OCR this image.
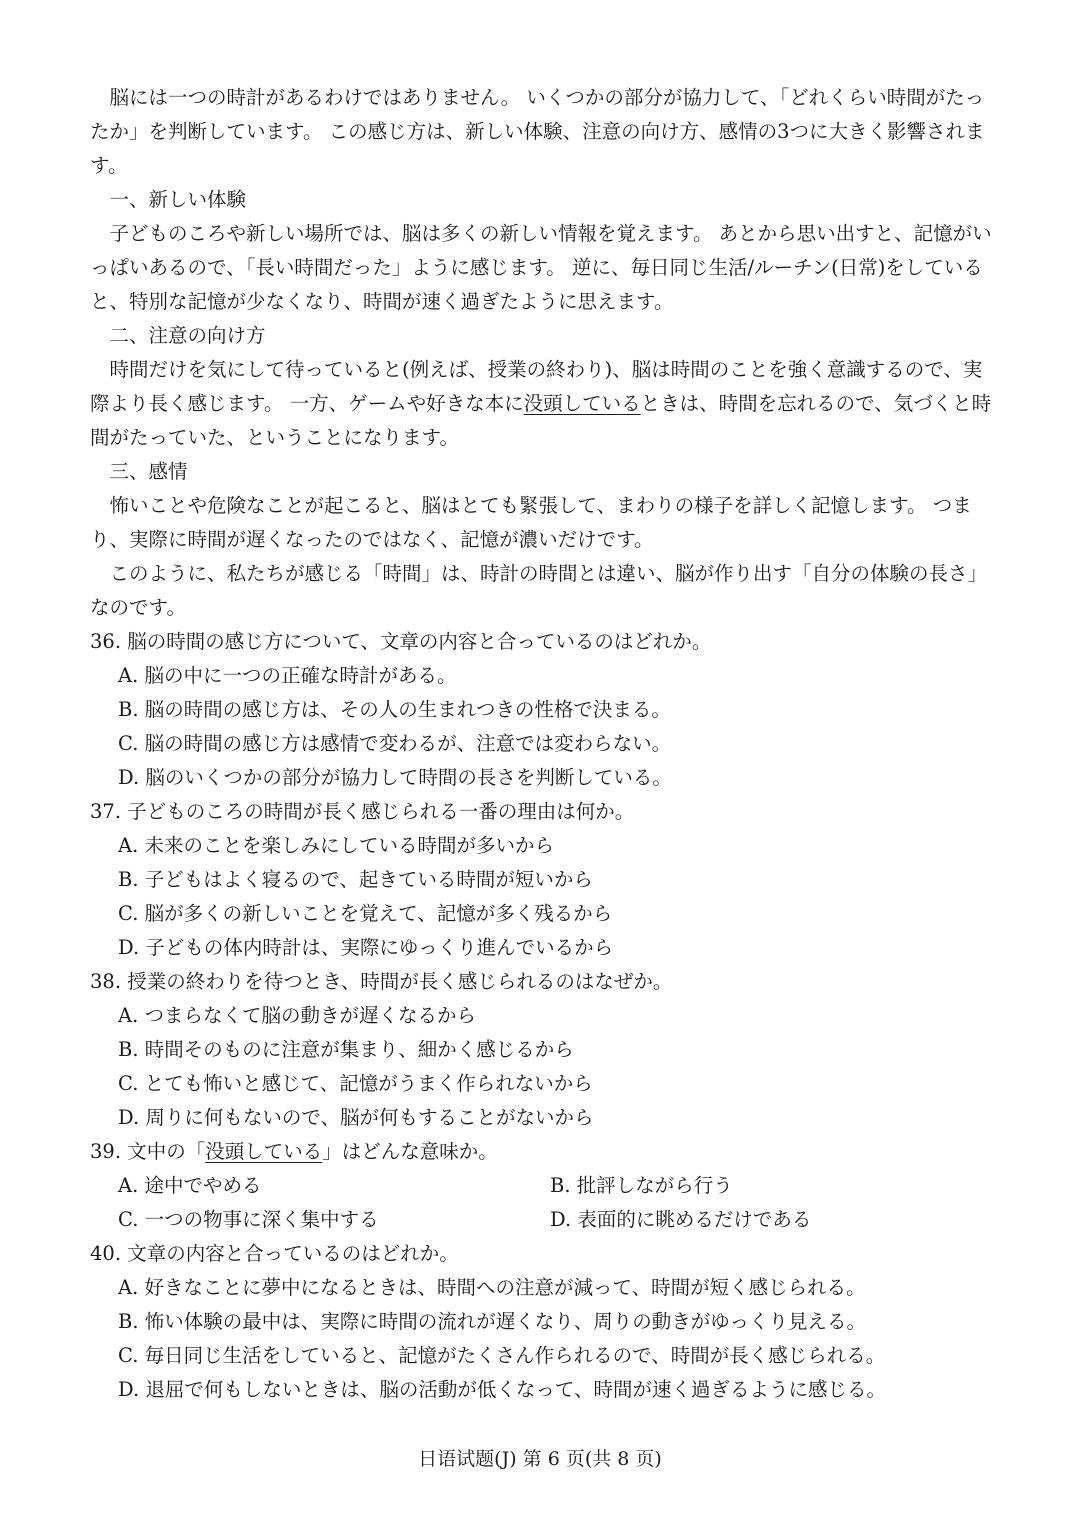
脳には一つの時計があるわけではありません。 いくつかの部分が協力して、「どれくらい時間がたったか」を判断しています。 この感じ方は、新しい体験、注意の向け方、感情の3つに大きく影響されます。

一、新しい体験

子どものころや新しい場所では、脳は多くの新しい情報を覚えます。 あとから思い出すと、記憶がいっぱいあるので、「長い時間だった」ように感じます。 逆に、毎日同じ生活/ルーチン(日常)をしていると、特別な記憶が少なくなり、時間が速く過ぎたように思えます。

二、注意の向け方

時間だけを気にして待っていると(例えば、授業の終わり)、脳は時間のことを強く意識するので、実際より長く感じます。 一方、ゲームや好きな本に没頭しているときは、時間を忘れるので、気づくと時間がたっていた、ということになります。

三、感情

怖いことや危険なことが起こると、脳はとても緊張して、まわりの様子を詳しく記憶します。 つまり、実際に時間が遅くなったのではなく、記憶が濃いだけです。

このように、私たちが感じる「時間」は、時計の時間とは違い、脳が作り出す「自分の体験の長さ」なのです。

36. 脳の時間の感じ方について、文章の内容と合っているのはどれか。

A. 脳の中に一つの正確な時計がある。
B. 脳の時間の感じ方は、その人の生まれつきの性格で決まる。
C. 脳の時間の感じ方は感情で変わるが、注意では変わらない。
D. 脳のいくつかの部分が協力して時間の長さを判断している。

37. 子どものころの時間が長く感じられる一番の理由は何か。

A. 未来のことを楽しみにしている時間が多いから
B. 子どもはよく寝るので、起きている時間が短いから
C. 脳が多くの新しいことを覚えて、記憶が多く残るから
D. 子どもの体内時計は、実際にゆっくり進んでいるから

38. 授業の終わりを待つとき、時間が長く感じられるのはなぜか。

A. つまらなくて脳の動きが遅くなるから
B. 時間そのものに注意が集まり、細かく感じるから
C. とても怖いと感じて、記憶がうまく作られないから
D. 周りに何もないので、脳が何もすることがないから

39. 文中の「没頭している」はどんな意味か。

A. 途中でやめる	B. 批評しながら行う
C. 一つの物事に深く集中する	D. 表面的に眺めるだけである

40. 文章の内容と合っているのはどれか。

A. 好きなことに夢中になるときは、時間への注意が減って、時間が短く感じられる。
B. 怖い体験の最中は、実際に時間の流れが遅くなり、周りの動きがゆっくり見える。
C. 毎日同じ生活をしていると、記憶がたくさん作られるので、時間が長く感じられる。
D. 退屈で何もしないときは、脳の活動が低くなって、時間が速く過ぎるように感じる。
日语试题(J) 第 6 页(共 8 页)
